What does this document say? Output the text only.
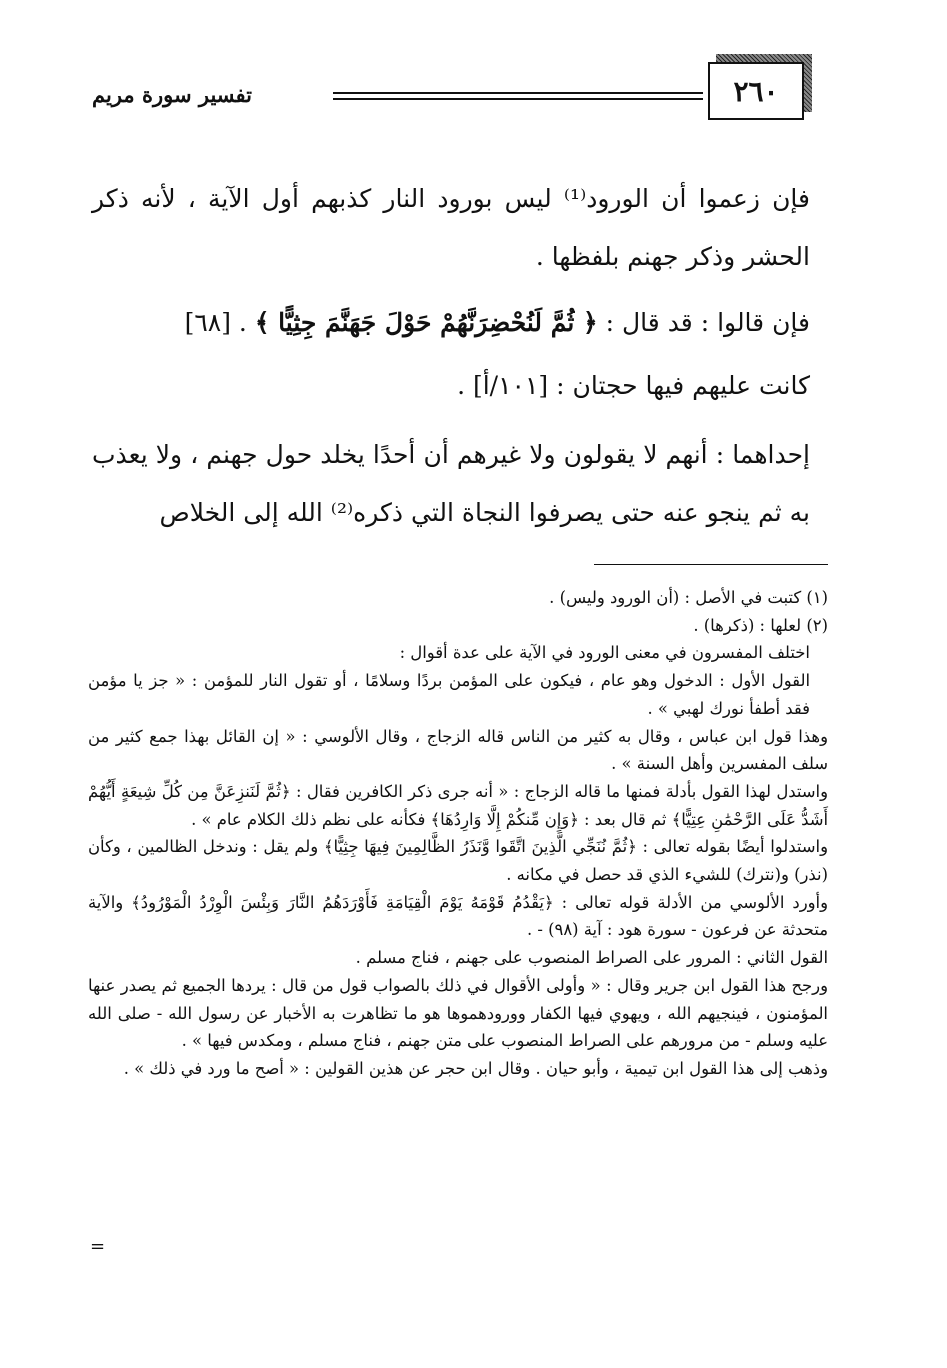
٢٦٠
تفسير سورة مريم

فإن زعموا أن الورود⁽¹⁾ ليس بورود النار كذبهم أول الآية ، لأنه ذكر الحشر وذكر جهنم بلفظها .

فإن قالوا : قد قال : ﴿ ثُمَّ لَنُحْضِرَنَّهُمْ حَوْلَ جَهَنَّمَ جِثِيًّا ﴾ . [٦٨]

كانت عليهم فيها حجتان : [١٠١/أ] .

إحداهما : أنهم لا يقولون ولا غيرهم أن أحدًا يخلد حول جهنم ، ولا يعذب به ثم ينجو عنه حتى يصرفوا النجاة التي ذكره⁽²⁾ الله إلى الخلاص

(١) كتبت في الأصل : (أن الورود وليس) .

(٢) لعلها : (ذكرها) .

اختلف المفسرون في معنى الورود في الآية على عدة أقوال :

القول الأول : الدخول وهو عام ، فيكون على المؤمن بردًا وسلامًا ، أو تقول النار للمؤمن : « جز يا مؤمن فقد أطفأ نورك لهبي » .

وهذا قول ابن عباس ، وقال به كثير من الناس قاله الزجاج ، وقال الألوسي : « إن القائل بهذا جمع كثير من سلف المفسرين وأهل السنة » .

واستدل لهذا القول بأدلة فمنها ما قاله الزجاج : « أنه جرى ذكر الكافرين فقال : ﴿ثُمَّ لَنَنزِعَنَّ مِن كُلِّ شِيعَةٍ أَيُّهُمْ أَشَدُّ عَلَى الرَّحْمَٰنِ عِتِيًّا﴾ ثم قال بعد : ﴿وَإِن مِّنكُمْ إِلَّا وَارِدُهَا﴾ فكأنه على نظم ذلك الكلام عام » .

واستدلوا أيضًا بقوله تعالى : ﴿ثُمَّ نُنَجِّي الَّذِينَ اتَّقَوا وَّنَذَرُ الظَّالِمِينَ فِيهَا جِثِيًّا﴾ ولم يقل : وندخل الظالمين ، وكأن (نذر) و(نترك) للشيء الذي قد حصل في مكانه .

وأورد الألوسي من الأدلة قوله تعالى : ﴿يَقْدُمُ قَوْمَهُ يَوْمَ الْقِيَامَةِ فَأَوْرَدَهُمُ النَّارَ وَبِئْسَ الْوِرْدُ الْمَوْرُودُ﴾ والآية متحدثة عن فرعون - سورة هود : آية (٩٨) - .

القول الثاني : المرور على الصراط المنصوب على جهنم ، فناج مسلم .

ورجح هذا القول ابن جرير وقال : « وأولى الأقوال في ذلك بالصواب قول من قال : يردها الجميع ثم يصدر عنها المؤمنون ، فينجيهم الله ، ويهوي فيها الكفار وورودهموها هو ما تظاهرت به الأخبار عن رسول الله - صلى الله عليه وسلم - من مرورهم على الصراط المنصوب على متن جهنم ، فناج مسلم ، ومكدس فيها » .

وذهب إلى هذا القول ابن تيمية ، وأبو حيان . وقال ابن حجر عن هذين القولين : « أصح ما ورد في ذلك » .

=
